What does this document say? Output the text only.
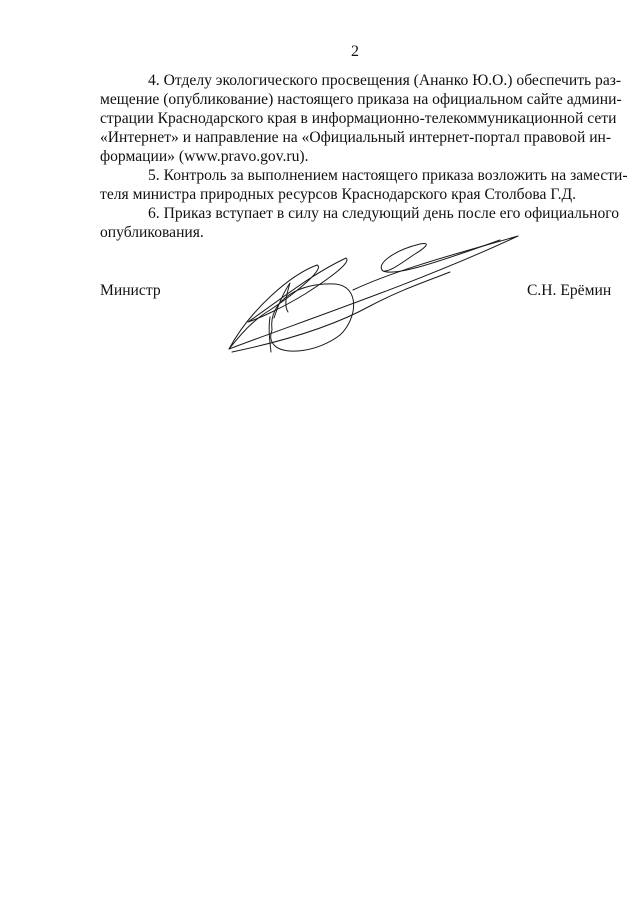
2

4. Отделу экологического просвещения (Ананко Ю.О.) обеспечить раз-
мещение (опубликование) настоящего приказа на официальном сайте админи-
страции Краснодарского края в информационно-телекоммуникационной сети
«Интернет» и направление на «Официальный интернет-портал правовой ин-
формации» (www.pravo.gov.ru).

5. Контроль за выполнением настоящего приказа возложить на замести-
теля министра природных ресурсов Краснодарского края Столбова Г.Д.

6. Приказ вступает в силу на следующий день после его официального
опубликования.

Министр	С.Н. Ерёмин
